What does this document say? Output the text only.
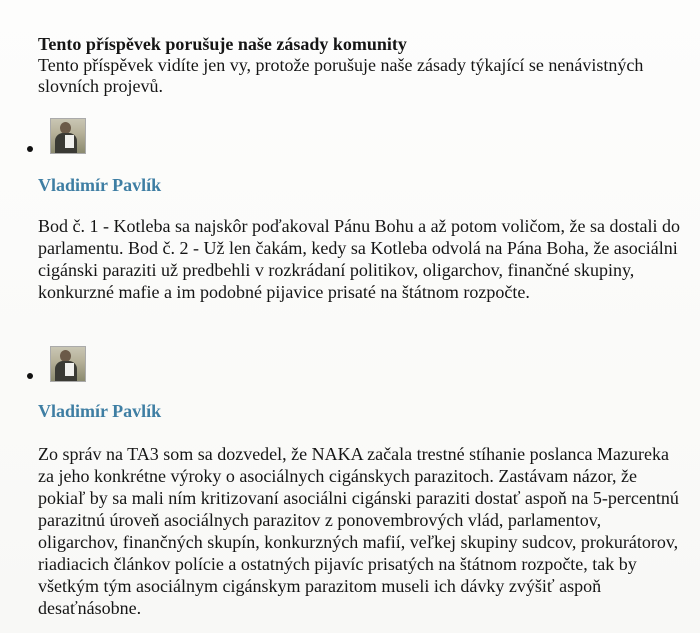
Tento příspěvek porušuje naše zásady komunity
Tento příspěvek vidíte jen vy, protože porušuje naše zásady týkající se nenávistných slovních projevů.
Vladimír Pavlík
Bod č. 1 - Kotleba sa najskôr poďakoval Pánu Bohu a až potom voličom, že sa dostali do parlamentu. Bod č. 2 - Už len čakám, kedy sa Kotleba odvolá na Pána Boha, že asociálni cigánski paraziti už predbehli v rozkrádaní politikov, oligarchov, finančné skupiny, konkurzné mafie a im podobné pijavice prisaté na štátnom rozpočte.
Vladimír Pavlík
Zo správ na TA3 som sa dozvedel, že NAKA začala trestné stíhanie poslanca Mazureka za jeho konkrétne výroky o asociálnych cigánskych parazitoch. Zastávam názor, že pokiaľ by sa mali ním kritizovaní asociálni cigánski paraziti dostať aspoň na 5-percentnú parazitnú úroveň asociálnych parazitov z ponovembrových vlád, parlamentov, oligarchov, finančných skupín, konkurzných mafií, veľkej skupiny sudcov, prokurátorov, riadiacich článkov polície a ostatných pijavíc prisatých na štátnom rozpočte, tak by všetkým tým asociálnym cigánskym parazitom museli ich dávky zvýšiť aspoň desaťnásobne.
